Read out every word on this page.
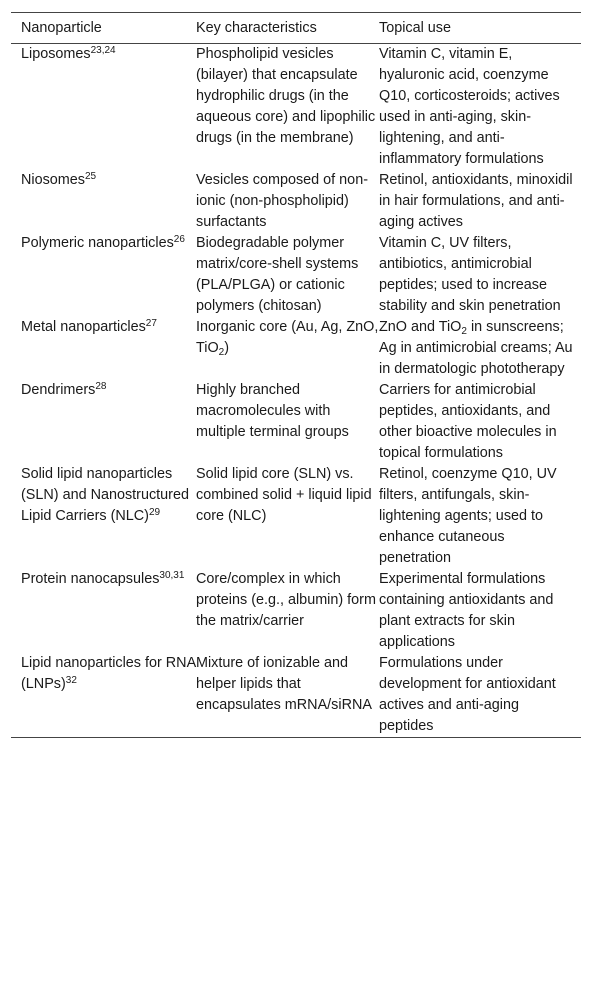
Nanoparticle	Key characteristics	Topical use
Liposomes$^{23,24}$	Phospholipid vesicles (bilayer) that encapsulate hydrophilic drugs (in the aqueous core) and lipophilic drugs (in the membrane)	Vitamin C, vitamin E, hyaluronic acid, coenzyme Q10, corticosteroids; actives used in anti-aging, skin-lightening, and anti-inflammatory formulations
Niosomes$^{25}$	Vesicles composed of non-ionic (non-phospholipid) surfactants	Retinol, antioxidants, minoxidil in hair formulations, and anti-aging actives
Polymeric nanoparticles$^{26}$	Biodegradable polymer matrix/core-shell systems (PLA/PLGA) or cationic polymers (chitosan)	Vitamin C, UV filters, antibiotics, antimicrobial peptides; used to increase stability and skin penetration
Metal nanoparticles$^{27}$	Inorganic core (Au, Ag, ZnO, TiO$_2$)	ZnO and TiO$_2$ in sunscreens; Ag in antimicrobial creams; Au in dermatologic phototherapy
Dendrimers$^{28}$	Highly branched macromolecules with multiple terminal groups	Carriers for antimicrobial peptides, antioxidants, and other bioactive molecules in topical formulations
Solid lipid nanoparticles (SLN) and Nanostructured Lipid Carriers (NLC)$^{29}$	Solid lipid core (SLN) vs. combined solid + liquid lipid core (NLC)	Retinol, coenzyme Q10, UV filters, antifungals, skin-lightening agents; used to enhance cutaneous penetration
Protein nanocapsules$^{30,31}$	Core/complex in which proteins (e.g., albumin) form the matrix/carrier	Experimental formulations containing antioxidants and plant extracts for skin applications
Lipid nanoparticles for RNA (LNPs)$^{32}$	Mixture of ionizable and helper lipids that encapsulates mRNA/siRNA	Formulations under development for antioxidant actives and anti-aging peptides
